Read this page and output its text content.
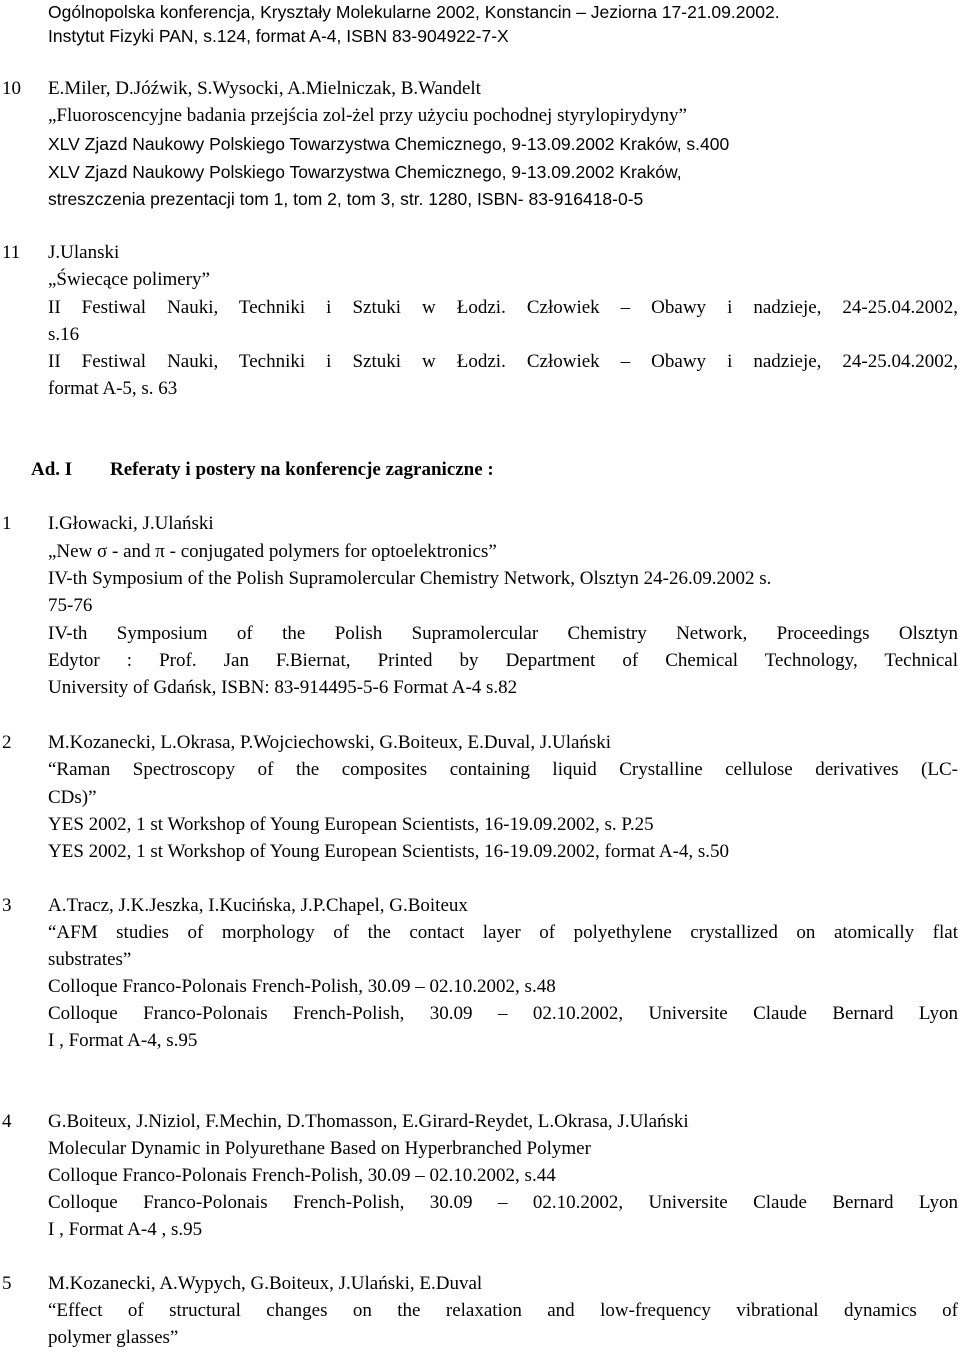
Ogólnopolska konferencja, Kryształy Molekularne 2002, Konstancin – Jeziorna 17-21.09.2002.
Instytut Fizyki PAN, s.124, format A-4, ISBN 83-904922-7-X
10 E.Miler, D.Jóźwik, S.Wysocki, A.Mielniczak, B.Wandelt
„Fluoroscencyjne badania przejścia zol-żel przy użyciu pochodnej styrylopirydyny”
XLV Zjazd Naukowy Polskiego Towarzystwa Chemicznego, 9-13.09.2002 Kraków, s.400
XLV Zjazd Naukowy Polskiego Towarzystwa Chemicznego, 9-13.09.2002 Kraków,
streszczenia prezentacji tom 1, tom 2, tom 3, str. 1280, ISBN- 83-916418-0-5
11 J.Ulanski
„Świecące polimery”
II Festiwal Nauki, Techniki i Sztuki w Łodzi. Człowiek – Obawy i nadzieje, 24-25.04.2002,
s.16
II Festiwal Nauki, Techniki i Sztuki w Łodzi. Człowiek – Obawy i nadzieje, 24-25.04.2002,
format A-5, s. 63
Ad. I Referaty i postery na konferencje zagraniczne :
1 I.Głowacki, J.Ulański
„New σ - and π - conjugated polymers for optoelektronics”
IV-th Symposium of the Polish Supramolercular Chemistry Network, Olsztyn 24-26.09.2002 s.
75-76
IV-th Symposium of the Polish Supramolercular Chemistry Network, Proceedings Olsztyn
Edytor : Prof. Jan F.Biernat, Printed by Department of Chemical Technology, Technical
University of Gdańsk, ISBN: 83-914495-5-6 Format A-4 s.82
2 M.Kozanecki, L.Okrasa, P.Wojciechowski, G.Boiteux, E.Duval, J.Ulański
“Raman Spectroscopy of the composites containing liquid Crystalline cellulose derivatives (LC-
CDs)”
YES 2002, 1 st Workshop of Young European Scientists, 16-19.09.2002, s. P.25
YES 2002, 1 st Workshop of Young European Scientists, 16-19.09.2002, format A-4, s.50
3 A.Tracz, J.K.Jeszka, I.Kucińska, J.P.Chapel, G.Boiteux
“AFM studies of morphology of the contact layer of polyethylene crystallized on atomically flat
substrates”
Colloque Franco-Polonais French-Polish, 30.09 – 02.10.2002, s.48
Colloque Franco-Polonais French-Polish, 30.09 – 02.10.2002, Universite Claude Bernard Lyon
I , Format A-4, s.95
4 G.Boiteux, J.Niziol, F.Mechin, D.Thomasson, E.Girard-Reydet, L.Okrasa, J.Ulański
Molecular Dynamic in Polyurethane Based on Hyperbranched Polymer
Colloque Franco-Polonais French-Polish, 30.09 – 02.10.2002, s.44
Colloque Franco-Polonais French-Polish, 30.09 – 02.10.2002, Universite Claude Bernard Lyon
I , Format A-4 , s.95
5 M.Kozanecki, A.Wypych, G.Boiteux, J.Ulański, E.Duval
“Effect of structural changes on the relaxation and low-frequency vibrational dynamics of
polymer glasses”
